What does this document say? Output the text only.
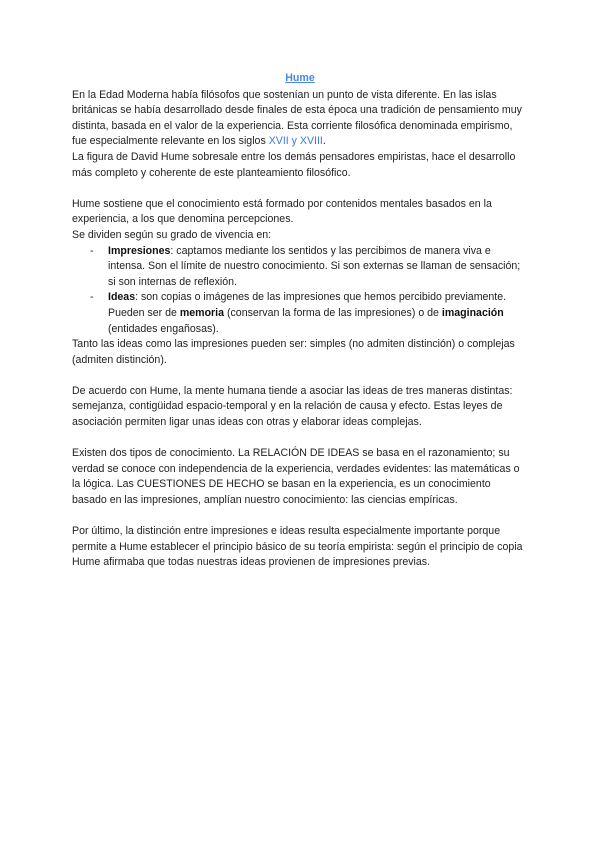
Hume

En la Edad Moderna había filósofos que sostenían un punto de vista diferente. En las islas británicas se había desarrollado desde finales de esta época una tradición de pensamiento muy distinta, basada en el valor de la experiencia. Esta corriente filosófica denominada empirismo, fue especialmente relevante en los siglos XVII y XVIII.

La figura de David Hume sobresale entre los demás pensadores empiristas, hace el desarrollo más completo y coherente de este planteamiento filosófico.

Hume sostiene que el conocimiento está formado por contenidos mentales basados en la experiencia, a los que denomina percepciones.

Se dividen según su grado de vivencia en:

- Impresiones: captamos mediante los sentidos y las percibimos de manera viva e intensa. Son el límite de nuestro conocimiento. Si son externas se llaman de sensación; si son internas de reflexión.
- Ideas: son copias o imágenes de las impresiones que hemos percibido previamente. Pueden ser de memoria (conservan la forma de las impresiones) o de imaginación (entidades engañosas).

Tanto las ideas como las impresiones pueden ser: simples (no admiten distinción) o complejas (admiten distinción).

De acuerdo con Hume, la mente humana tiende a asociar las ideas de tres maneras distintas: semejanza, contigüidad espacio-temporal y en la relación de causa y efecto. Estas leyes de asociación permiten ligar unas ideas con otras y elaborar ideas complejas.

Existen dos tipos de conocimiento. La RELACIÓN DE IDEAS se basa en el razonamiento; su verdad se conoce con independencia de la experiencia, verdades evidentes: las matemáticas o la lógica. Las CUESTIONES DE HECHO se basan en la experiencia, es un conocimiento basado en las impresiones, amplían nuestro conocimiento: las ciencias empíricas.

Por último, la distinción entre impresiones e ideas resulta especialmente importante porque permite a Hume establecer el principio básico de su teoría empirista: según el principio de copia Hume afirmaba que todas nuestras ideas provienen de impresiones previas.
